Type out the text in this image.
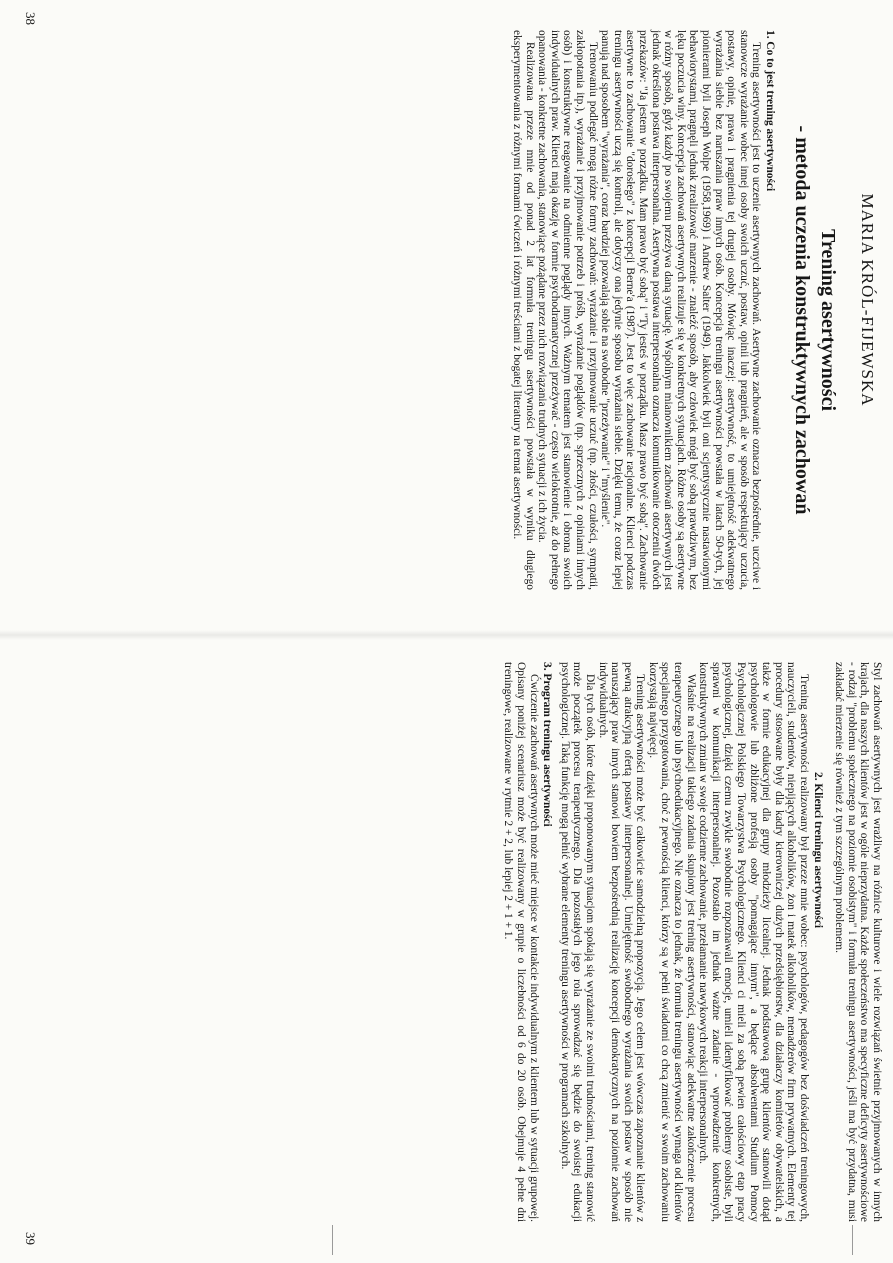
MARIA KRÓL-FIJEWSKA
Trening asertywności
- metoda uczenia konstruktywnych zachowań
1. Co to jest trening asertywności

Trening asertywności jest to uczenie asertywnych zachowań. Asertywne zachowanie oznacza bezpośrednie, uczciwe i stanowcze wyrażanie wobec innej osoby swoich uczuć, postaw, opinii lub pragnień, ale w sposób respektujący uczucia, postawy, opinie, prawa i pragnienia tej drugiej osoby. Mówiąc inaczej: asertywność, to umiejętność adekwatnego wyrażania siebie bez naruszania praw innych osób. Koncepcja treningu asertywności powstała w latach 50-tych, jej pionierami byli Joseph Wolpe (1958,1969) i Andrew Salter (1949). Jakkolwiek byli oni scjentystycznie nastawionymi behawiorystami, pragnęli jednak zrealizować marzenie - znaleźć sposób, aby człowiek mógł być sobą prawdziwym, bez lęku poczucia winy. Koncepcja zachowań asertywnych realizuje się w konkretnych sytuacjach. Różne osoby są asertywne w różny sposób, gdyż każdy po swojemu przeżywa daną sytuację. Wspólnym mianownikiem zachowań asertywnych jest jednak określona postawa interpersonalna. Asertywna postawa interpersonalna oznacza komunikowanie otoczeniu dwóch przekazów: "Ja jestem w porządku. Mam prawo być sobą" i "Ty jesteś w porządku. Masz prawo być sobą". Zachowanie asertywne to zachowanie "dorosłego" z koncepcji Berne'a (1987). Jest to więc zachowanie racjonalne. Klienci podczas treningu asertywności uczą się kontroli, ale dotyczy ona jedynie sposobu wyrażania siebie. Dzięki temu, że coraz lepiej panują nad sposobem "wyrażania", coraz bardziej pozwalają sobie na swobodne "przeżywanie" i "myślenie".

Trenowaniu podlegać mogą różne formy zachowań: wyrażanie i przyjmowanie uczuć (np. złości, czułości, sympatii, zakłopotania itp.), wyrażanie i przyjmowanie potrzeb i próśb, wyrażanie poglądów (np. sprzecznych z opiniami innych osób) i konstruktywne reagowanie na odmienne poglądy innych. Ważnym tematem jest stanowienie i obrona swoich indywidualnych praw. Klienci mają okazję w formie psychodramatycznej przeżywać - często wielokrotnie, aż do pełnego opanowania - konkretne zachowania, stanowiące pożądane przez nich rozwiązania trudnych sytuacji z ich życia.

Realizowana przeze mnie od ponad 2 lat formuła treningu asertywności powstała w wyniku długiego eksperymentowania z różnymi formami ćwiczeń i różnymi treściami z bogatej literatury na temat asertywności.

38

Styl zachowań asertywnych jest wrażliwy na różnice kulturowe i wiele rozwiązań świetnie przyjmowanych w innych krajach, dla naszych klientów jest w ogóle nieprzydatna. Każde społeczeństwo ma specyficzne deficyty asertywnościowe - rodzaj "problemu społecznego na poziomie osobistym" i formuła treningu asertywności, jeśli ma być przydatna, musi zakładać mierzenie się również z tym szczególnym problemem.

2. Klienci treningu asertywności

Trening asertywności realizowany był przeze mnie wobec: psychologów, pedagogów bez doświadczeń treningowych, nauczycieli, studentów, niepijących alkoholików, żon i matek alkoholików, menadżerów firm prywatnych. Elementy tej procedury stosowane były dla kadry kierowniczej dużych przedsiębiorstw, dla działaczy komitetów obywatelskich, a także w formie edukacyjnej dla grupy młodzieży licealnej. Jednak podstawową grupę klientów stanowili dotąd psychologowie lub zbliżone profesją osoby "pomagające innym", a będące absolwentami Studium Pomocy Psychologicznej Polskiego Towarzystwa Psychologicznego. Klienci ci mieli za sobą pewien całościowy etap pracy psychologicznej, dzięki czemu zwykle swobodnie rozpoznawali emocje, umieli identyfikować problemy osobiste, byli sprawni w komunikacji interpersonalnej. Pozostało im jednak ważne zadanie - wprowadzenie konkretnych, konstruktywnych zmian w swoje codzienne zachowanie, przełamanie nawykowych reakcji interpersonalnych.

Właśnie na realizacji takiego zadania skupiony jest trening asertywności, stanowiąc adekwatne zakończenie procesu terapeutycznego lub psychoedukacyjnego. Nie oznacza to jednak, że formuła treningu asertywności wymaga od klientów specjalnego przygotowania, choć z pewnością klienci, którzy są w pełni świadomi co chcą zmienić w swoim zachowaniu korzystają najwięcej.

Trening asertywności może być całkowicie samodzielną propozycją. Jego celem jest wówczas zapoznanie klientów z pewną atrakcyjną ofertą postawy interpersonalnej. Umiejętność swobodnego wyrażania swoich postaw w sposób nie naruszający praw innych stanowi bowiem bezpośrednią realizację koncepcji demokratycznych na poziomie zachowań indywidualnych.

Dla tych osób, które dzięki proponowanym sytuacjom spokają się wyrażanie ze swoimi trudnościami, trening stanowić może początek procesu terapeutycznego. Dla pozostałych jego rola sprowadzać się będzie do swoistej edukacji psychologicznej. Taką funkcję mogą pełnić wybrane elementy treningu asertywności w programach szkolnych.

3. Program treningu asertywności

Ćwiczenie zachowań asertywnych może mieć miejsce w kontakcie indywidualnym z klientem lub w sytuacji grupowej. Opisany poniżej scenariusz może być realizowany w grupie o liczebności od 6 do 20 osób. Obejmuje 4 pełne dni treningowe, realizowane w rytmie 2 + 2, lub lepiej 2 + 1 + 1.

39
